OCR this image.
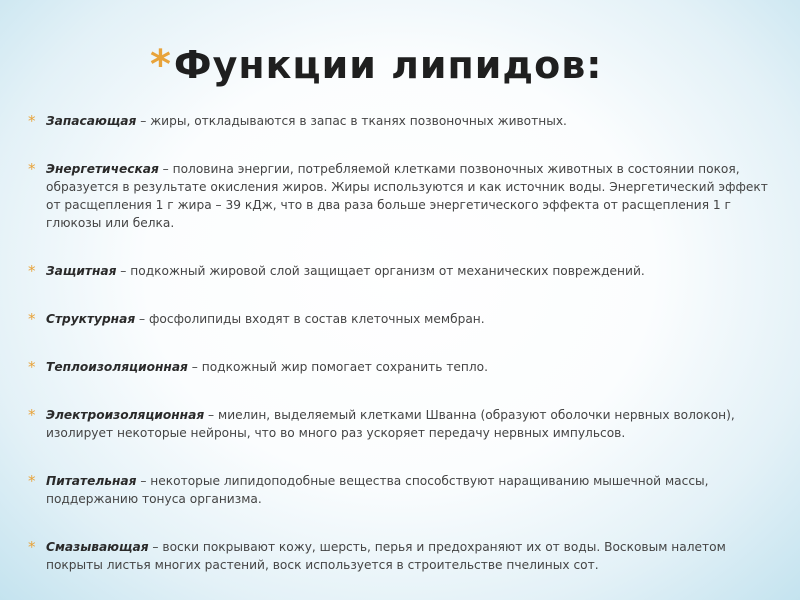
*Функции липидов:
* Запасающая – жиры, откладываются в запас в тканях позвоночных животных.
* Энергетическая – половина энергии, потребляемой клетками позвоночных животных в состоянии покоя, образуется в результате окисления жиров. Жиры используются и как источник воды. Энергетический эффект от расщепления 1 г жира – 39 кДж, что в два раза больше энергетического эффекта от расщепления 1 г глюкозы или белка.
* Защитная – подкожный жировой слой защищает организм от механических повреждений.
* Структурная – фосфолипиды входят в состав клеточных мембран.
* Теплоизоляционная – подкожный жир помогает сохранить тепло.
* Электроизоляционная – миелин, выделяемый клетками Шванна (образуют оболочки нервных волокон), изолирует некоторые нейроны, что во много раз ускоряет передачу нервных импульсов.
* Питательная – некоторые липидоподобные вещества способствуют наращиванию мышечной массы, поддержанию тонуса организма.
* Смазывающая – воски покрывают кожу, шерсть, перья и предохраняют их от воды. Восковым налетом покрыты листья многих растений, воск используется в строительстве пчелиных сот.
